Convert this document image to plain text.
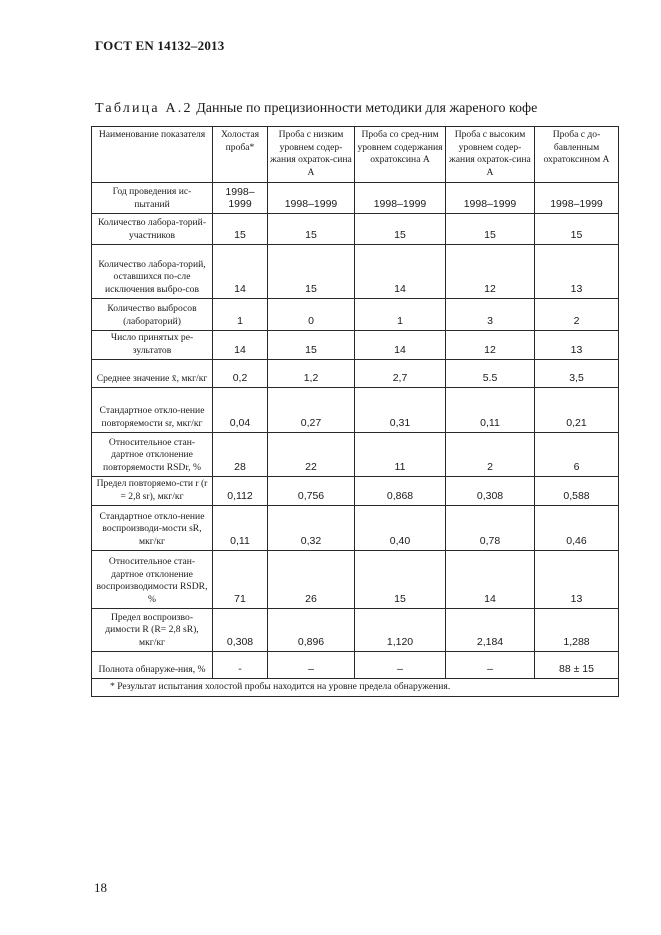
ГОСТ EN 14132–2013
Таблица А.2 Данные по прецизионности методики для жареного кофе
Наименование показателя	Холостая проба*	Проба с низким уровнем содер-жания охраток-сина А	Проба со сред-ним уровнем содержания охратоксина А	Проба с высоким уровнем содер-жания охраток-сина А	Проба с до-бавленным охратоксином А
Год проведения ис-пытаний	1998–1999	1998–1999	1998–1999	1998–1999	1998–1999
Количество лабора-торий-участников	15	15	15	15	15
Количество лабора-торий, оставшихся по-сле исключения выбро-сов	14	15	14	12	13
Количество выбросов (лабораторий)	1	0	1	3	2
Число принятых ре-зультатов	14	15	14	12	13
Среднее значение x̄, мкг/кг	0,2	1,2	2,7	5.5	3,5
Стандартное откло-нение повторяемости sr, мкг/кг	0,04	0,27	0,31	0,11	0,21
Относительное стан-дартное отклонение повторяемости RSDr, %	28	22	11	2	6
Предел повторяемо-сти r (r = 2,8 sr), мкг/кг	0,112	0,756	0,868	0,308	0,588
Стандартное откло-нение воспроизводи-мости sR, мкг/кг	0,11	0,32	0,40	0,78	0,46
Относительное стан-дартное отклонение воспроизводимости RSDR, %	71	26	15	14	13
Предел воспроизво-димости R (R= 2,8 sR), мкг/кг	0,308	0,896	1,120	2,184	1,288
Полнота обнаруже-ния, %	-	–	–	–	88 ± 15
* Результат испытания холостой пробы находится на уровне предела обнаружения.					
18
